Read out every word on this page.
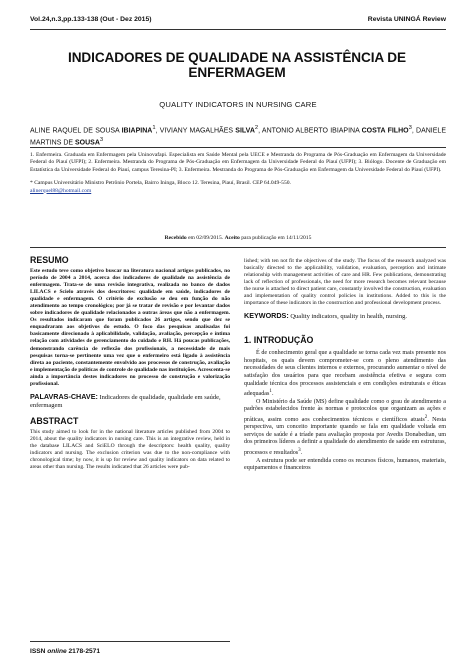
Vol.24,n.3,pp.133-138 (Out - Dez 2015)	Revista UNINGÁ Review
INDICADORES DE QUALIDADE NA ASSISTÊNCIA DE
ENFERMAGEM
QUALITY INDICATORS IN NURSING CARE
ALINE RAQUEL DE SOUSA IBIAPINA$^1$, VIVIANY MAGALHÃES SILVA$^2$, ANTONIO ALBERTO IBIAPINA COSTA FILHO$^3$, DANIELE MARTINS DE SOUSA$^3$

1. Enfermeira. Graduada em Enfermagem pela Uninovafapi. Especialista em Saúde Mental pela UECE e Mestranda do Programa de Pós-Graduação em Enfermagem da Universidade Federal do Piauí (UFPI); 2. Enfermeira. Mestranda do Programa de Pós-Graduação em Enfermagem da Universidade Federal do Piauí (UFPI); 3. Biólogo. Docente de Graduação em Estatística da Universidade Federal do Piauí, campus Teresina-PI; 3. Enfermeira. Mestranda do Programa de Pós-Graduação em Enfermagem da Universidade Federal do Piauí (UFPI).

* Campus Universitário Ministro Petrônio Portela, Bairro Ininga, Bloco 12. Teresina, Piauí, Brasil. CEP 64.049-550.

alinerquel88@hotmail.com

Recebido em 02/09/2015. Aceito para publicação em 14/11/2015
RESUMO

Este estudo teve como objetivo buscar na literatura nacional artigos publicados, no período de 2004 a 2014, acerca dos indicadores de qualidade na assistência de enfermagem. Trata-se de uma revisão integrativa, realizada no banco de dados LILACS e Scielo através dos descritores: qualidade em saúde, indicadores de qualidade e enfermagem. O critério de exclusão se deu em função do não atendimento ao tempo cronológico; por já se tratar de revisão e por levantar dados sobre indicadores de qualidade relacionados a outras áreas que não a enfermagem. Os resultados indicaram que foram publicados 26 artigos, sendo que dez se enquadraram aos objetivos do estudo. O foco das pesquisas analisadas foi basicamente direcionado à aplicabilidade, validação, avaliação, percepção e íntima relação com atividades de gerenciamento do cuidado e RH. Há poucas publicações, demonstrando carência de reflexão dos profissionais, a necessidade de mais pesquisas torna-se pertinente uma vez que o enfermeiro está ligado à assistência direta ao paciente, constantemente envolvido aos processos de construção, avaliação e implementação de políticas de controle de qualidade nas instituições. Acrescenta-se ainda a importância destes indicadores no processo de construção e valorização profissional.

PALAVRAS-CHAVE: Indicadores de qualidade, qualidade em saúde, enfermagem

ABSTRACT

This study aimed to look for in the national literature articles published from 2004 to 2014, about the quality indicators in nursing care. This is an integrative review, held in the database LILACS and SciELO through the descriptors: health quality, quality indicators and nursing. The exclusion criterion was due to the non-compliance with chronological time; by now, it is up for review and quality indicators on data related to areas other than nursing. The results indicated that 26 articles were pub-

lished; with ten not fit the objectives of the study. The focus of the research analyzed was basically directed to the applicability, validation, evaluation, perception and intimate relationship with management activities of care and HR. Few publications, demonstrating lack of reflection of professionals, the need for more research becomes relevant because the nurse is attached to direct patient care, constantly involved the construction, evaluation and implementation of quality control policies in institutions. Added to this is the importance of these indicators in the construction and professional development process.

KEYWORDS: Quality indicators, quality in health, nursing.

1. INTRODUÇÃO

É de conhecimento geral que a qualidade se torna cada vez mais presente nos hospitais, os quais devem comprometer-se com o pleno atendimento das necessidades de seus clientes internos e externos, procurando aumentar o nível de satisfação dos usuários para que recebam assistência efetiva e segura com qualidade técnica dos processos assistenciais e em condições estruturais e éticas adequadas$^1$.

O Ministério da Saúde (MS) define qualidade como o grau de atendimento a padrões estabelecidos frente às normas e protocolos que organizam as ações e práticas, assim como aos conhecimentos técnicos e científicos atuais$^2$. Nesta perspectiva, um conceito importante quando se fala em qualidade voltada em serviços de saúde é a tríade para avaliação proposta por Avedis Donabedian, um dos primeiros líderes a definir a qualidade do atendimento de saúde em estruturas, processos e resultados$^3$.

A estrutura pode ser entendida como os recursos físicos, humanos, materiais, equipamentos e financeiros

ISSN online 2178-2571
